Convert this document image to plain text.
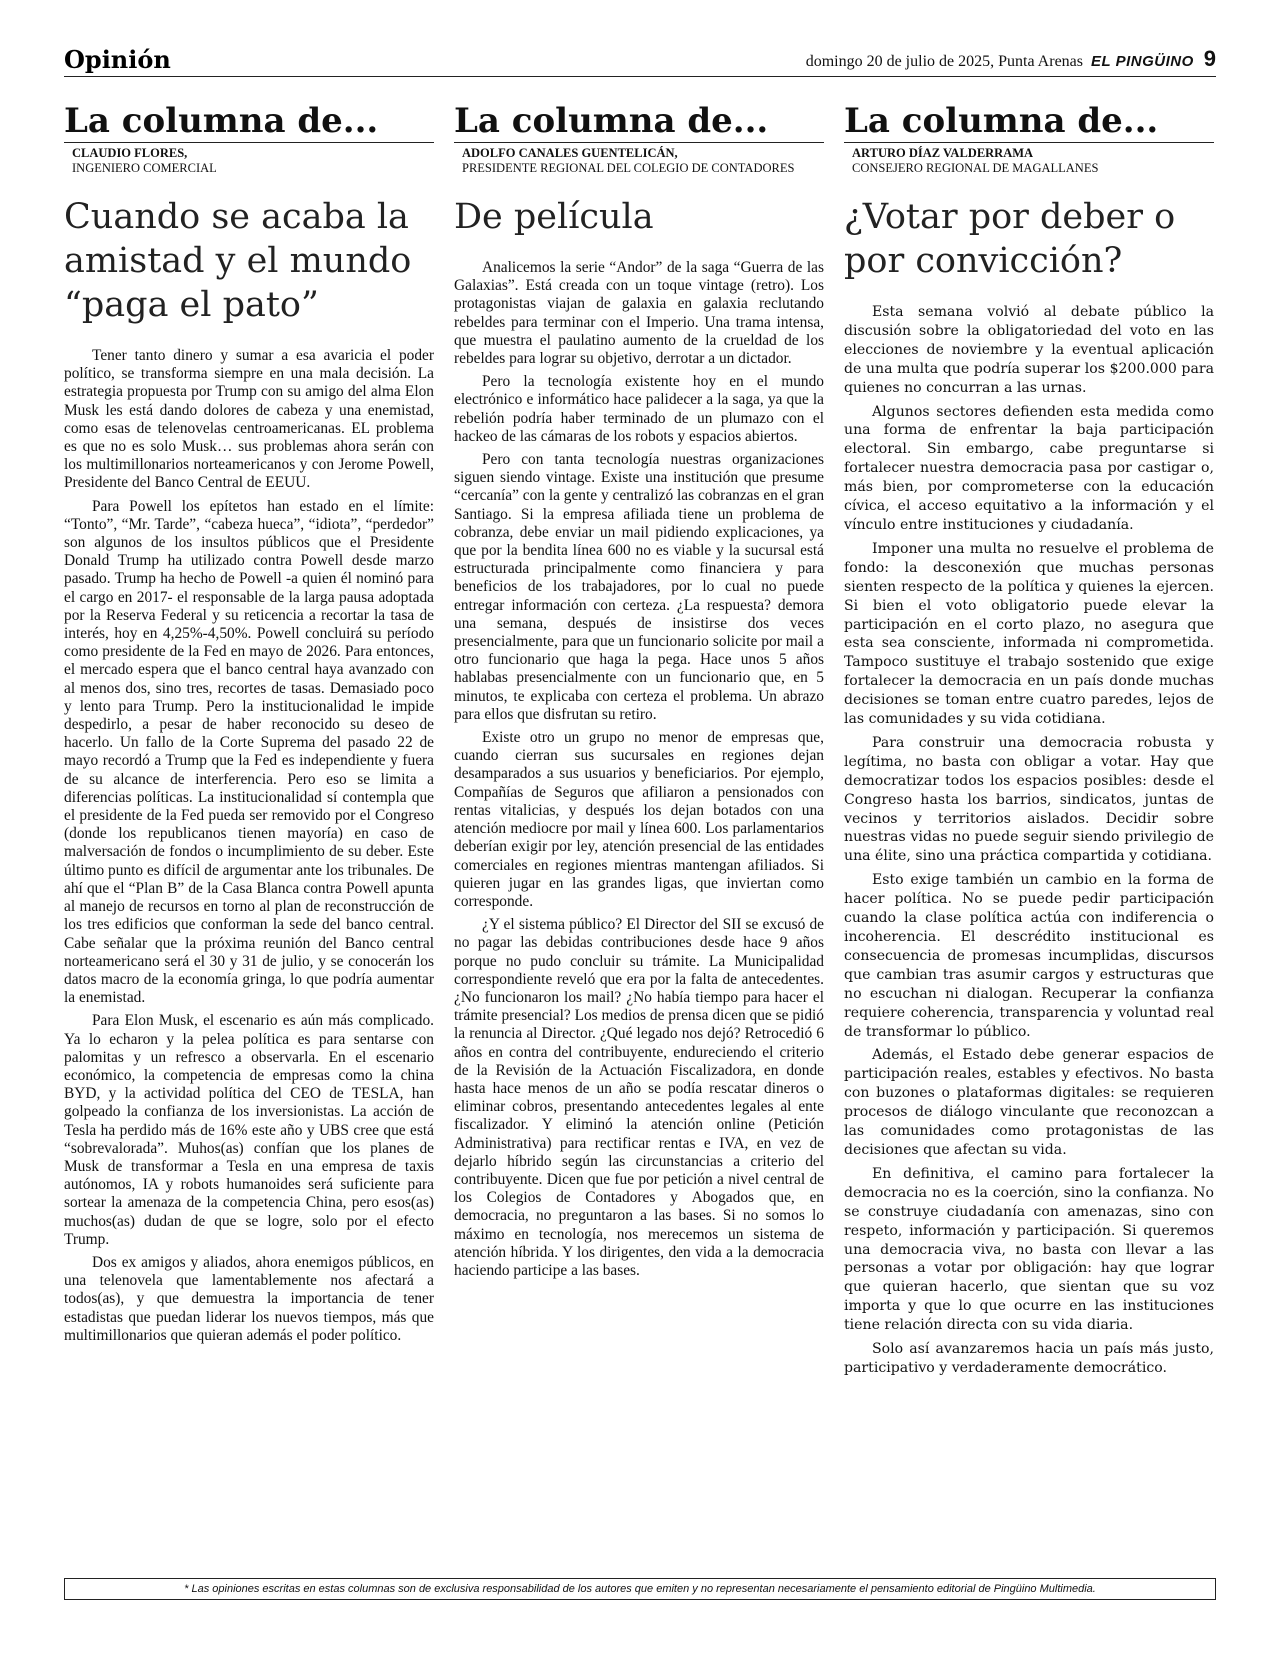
Opinión	domingo 20 de julio de 2025, Punta Arenas EL PINGÜINO 9
La columna de...
CLAUDIO FLORES,
INGENIERO COMERCIAL
Cuando se acaba la amistad y el mundo “paga el pato”

Tener tanto dinero y sumar a esa avaricia el poder político, se transforma siempre en una mala decisión. La estrategia propuesta por Trump con su amigo del alma Elon Musk les está dando dolores de cabeza y una enemistad, como esas de telenovelas centroamericanas. EL problema es que no es solo Musk… sus problemas ahora serán con los multimillonarios norteamericanos y con Jerome Powell, Presidente del Banco Central de EEUU.

Para Powell los epítetos han estado en el límite: “Tonto”, “Mr. Tarde”, “cabeza hueca”, “idiota”, “perdedor” son algunos de los insultos públicos que el Presidente Donald Trump ha utilizado contra Powell desde marzo pasado. Trump ha hecho de Powell -a quien él nominó para el cargo en 2017- el responsable de la larga pausa adoptada por la Reserva Federal y su reticencia a recortar la tasa de interés, hoy en 4,25%-4,50%. Powell concluirá su período como presidente de la Fed en mayo de 2026. Para entonces, el mercado espera que el banco central haya avanzado con al menos dos, sino tres, recortes de tasas. Demasiado poco y lento para Trump. Pero la institucionalidad le impide despedirlo, a pesar de haber reconocido su deseo de hacerlo. Un fallo de la Corte Suprema del pasado 22 de mayo recordó a Trump que la Fed es independiente y fuera de su alcance de interferencia. Pero eso se limita a diferencias políticas. La institucionalidad sí contempla que el presidente de la Fed pueda ser removido por el Congreso (donde los republicanos tienen mayoría) en caso de malversación de fondos o incumplimiento de su deber. Este último punto es difícil de argumentar ante los tribunales. De ahí que el “Plan B” de la Casa Blanca contra Powell apunta al manejo de recursos en torno al plan de reconstrucción de los tres edificios que conforman la sede del banco central. Cabe señalar que la próxima reunión del Banco central norteamericano será el 30 y 31 de julio, y se conocerán los datos macro de la economía gringa, lo que podría aumentar la enemistad.

Para Elon Musk, el escenario es aún más complicado. Ya lo echaron y la pelea política es para sentarse con palomitas y un refresco a observarla. En el escenario económico, la competencia de empresas como la china BYD, y la actividad política del CEO de TESLA, han golpeado la confianza de los inversionistas. La acción de Tesla ha perdido más de 16% este año y UBS cree que está “sobrevalorada”. Muhos(as) confían que los planes de Musk de transformar a Tesla en una empresa de taxis autónomos, IA y robots humanoides será suficiente para sortear la amenaza de la competencia China, pero esos(as) muchos(as) dudan de que se logre, solo por el efecto Trump.

Dos ex amigos y aliados, ahora enemigos públicos, en una telenovela que lamentablemente nos afectará a todos(as), y que demuestra la importancia de tener estadistas que puedan liderar los nuevos tiempos, más que multimillonarios que quieran además el poder político.

La columna de...
ADOLFO CANALES GUENTELICÁN,
PRESIDENTE REGIONAL DEL COLEGIO DE CONTADORES
De película

Analicemos la serie “Andor” de la saga “Guerra de las Galaxias”. Está creada con un toque vintage (retro). Los protagonistas viajan de galaxia en galaxia reclutando rebeldes para terminar con el Imperio. Una trama intensa, que muestra el paulatino aumento de la crueldad de los rebeldes para lograr su objetivo, derrotar a un dictador.

Pero la tecnología existente hoy en el mundo electrónico e informático hace palidecer a la saga, ya que la rebelión podría haber terminado de un plumazo con el hackeo de las cámaras de los robots y espacios abiertos.

Pero con tanta tecnología nuestras organizaciones siguen siendo vintage. Existe una institución que presume “cercanía” con la gente y centralizó las cobranzas en el gran Santiago. Si la empresa afiliada tiene un problema de cobranza, debe enviar un mail pidiendo explicaciones, ya que por la bendita línea 600 no es viable y la sucursal está estructurada principalmente como financiera y para beneficios de los trabajadores, por lo cual no puede entregar información con certeza. ¿La respuesta? demora una semana, después de insistirse dos veces presencialmente, para que un funcionario solicite por mail a otro funcionario que haga la pega. Hace unos 5 años hablabas presencialmente con un funcionario que, en 5 minutos, te explicaba con certeza el problema. Un abrazo para ellos que disfrutan su retiro.

Existe otro un grupo no menor de empresas que, cuando cierran sus sucursales en regiones dejan desamparados a sus usuarios y beneficiarios. Por ejemplo, Compañías de Seguros que afiliaron a pensionados con rentas vitalicias, y después los dejan botados con una atención mediocre por mail y línea 600. Los parlamentarios deberían exigir por ley, atención presencial de las entidades comerciales en regiones mientras mantengan afiliados. Si quieren jugar en las grandes ligas, que inviertan como corresponde.

¿Y el sistema público? El Director del SII se excusó de no pagar las debidas contribuciones desde hace 9 años porque no pudo concluir su trámite. La Municipalidad correspondiente reveló que era por la falta de antecedentes. ¿No funcionaron los mail? ¿No había tiempo para hacer el trámite presencial? Los medios de prensa dicen que se pidió la renuncia al Director. ¿Qué legado nos dejó? Retrocedió 6 años en contra del contribuyente, endureciendo el criterio de la Revisión de la Actuación Fiscalizadora, en donde hasta hace menos de un año se podía rescatar dineros o eliminar cobros, presentando antecedentes legales al ente fiscalizador. Y eliminó la atención online (Petición Administrativa) para rectificar rentas e IVA, en vez de dejarlo híbrido según las circunstancias a criterio del contribuyente. Dicen que fue por petición a nivel central de los Colegios de Contadores y Abogados que, en democracia, no preguntaron a las bases. Si no somos lo máximo en tecnología, nos merecemos un sistema de atención híbrida. Y los dirigentes, den vida a la democracia haciendo participe a las bases.

La columna de...
ARTURO DÍAZ VALDERRAMA
CONSEJERO REGIONAL DE MAGALLANES
¿Votar por deber o por convicción?

Esta semana volvió al debate público la discusión sobre la obligatoriedad del voto en las elecciones de noviembre y la eventual aplicación de una multa que podría superar los $200.000 para quienes no concurran a las urnas.

Algunos sectores defienden esta medida como una forma de enfrentar la baja participación electoral. Sin embargo, cabe preguntarse si fortalecer nuestra democracia pasa por castigar o, más bien, por comprometerse con la educación cívica, el acceso equitativo a la información y el vínculo entre instituciones y ciudadanía.

Imponer una multa no resuelve el problema de fondo: la desconexión que muchas personas sienten respecto de la política y quienes la ejercen. Si bien el voto obligatorio puede elevar la participación en el corto plazo, no asegura que esta sea consciente, informada ni comprometida. Tampoco sustituye el trabajo sostenido que exige fortalecer la democracia en un país donde muchas decisiones se toman entre cuatro paredes, lejos de las comunidades y su vida cotidiana.

Para construir una democracia robusta y legítima, no basta con obligar a votar. Hay que democratizar todos los espacios posibles: desde el Congreso hasta los barrios, sindicatos, juntas de vecinos y territorios aislados. Decidir sobre nuestras vidas no puede seguir siendo privilegio de una élite, sino una práctica compartida y cotidiana.

Esto exige también un cambio en la forma de hacer política. No se puede pedir participación cuando la clase política actúa con indiferencia o incoherencia. El descrédito institucional es consecuencia de promesas incumplidas, discursos que cambian tras asumir cargos y estructuras que no escuchan ni dialogan. Recuperar la confianza requiere coherencia, transparencia y voluntad real de transformar lo público.

Además, el Estado debe generar espacios de participación reales, estables y efectivos. No basta con buzones o plataformas digitales: se requieren procesos de diálogo vinculante que reconozcan a las comunidades como protagonistas de las decisiones que afectan su vida.

En definitiva, el camino para fortalecer la democracia no es la coerción, sino la confianza. No se construye ciudadanía con amenazas, sino con respeto, información y participación. Si queremos una democracia viva, no basta con llevar a las personas a votar por obligación: hay que lograr que quieran hacerlo, que sientan que su voz importa y que lo que ocurre en las instituciones tiene relación directa con su vida diaria.

Solo así avanzaremos hacia un país más justo, participativo y verdaderamente democrático.

* Las opiniones escritas en estas columnas son de exclusiva responsabilidad de los autores que emiten y no representan necesariamente el pensamiento editorial de Pingüino Multimedia.
